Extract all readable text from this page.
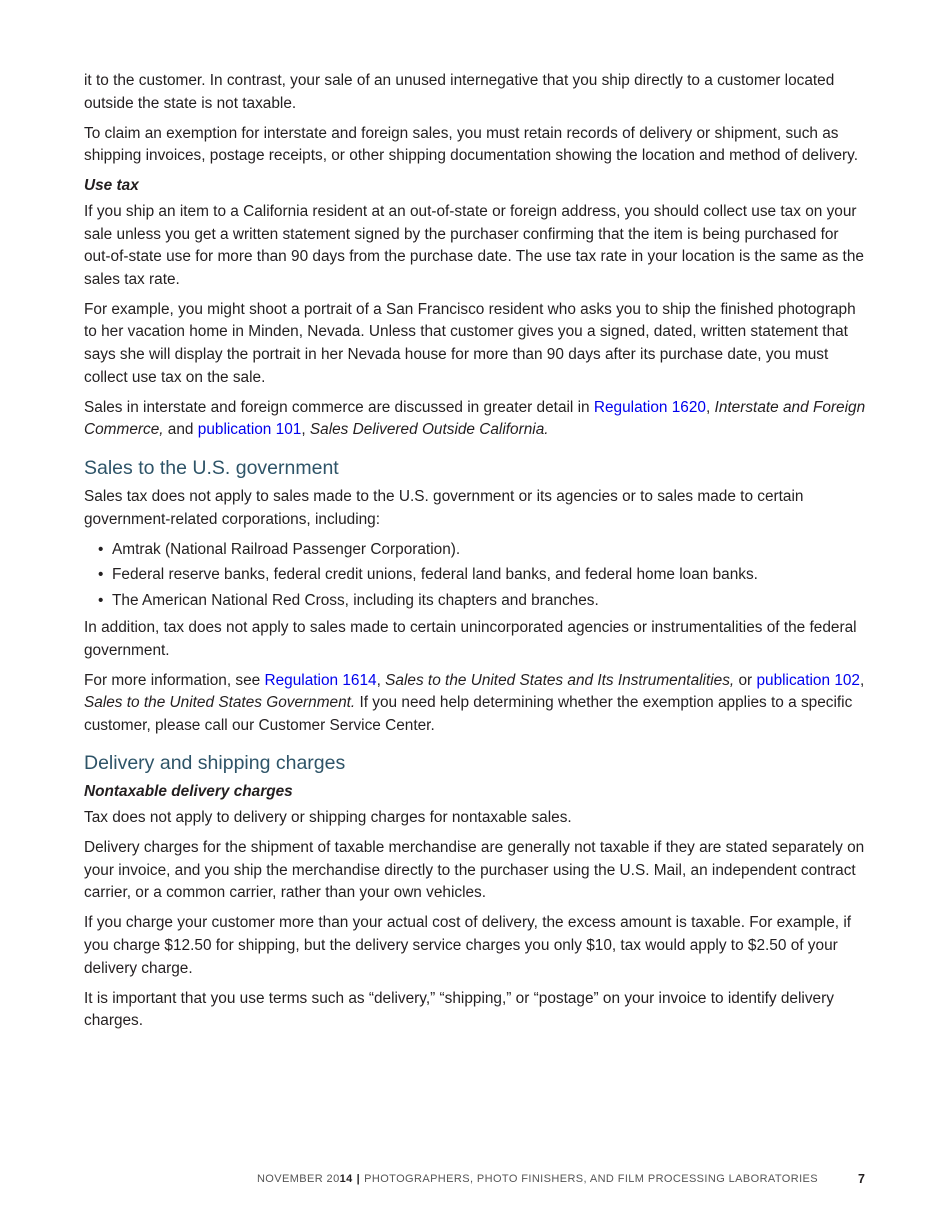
it to the customer. In contrast, your sale of an unused internegative that you ship directly to a customer located outside the state is not taxable.

To claim an exemption for interstate and foreign sales, you must retain records of delivery or shipment, such as shipping invoices, postage receipts, or other shipping documentation showing the location and method of delivery.

Use tax

If you ship an item to a California resident at an out-of-state or foreign address, you should collect use tax on your sale unless you get a written statement signed by the purchaser confirming that the item is being purchased for out-of-state use for more than 90 days from the purchase date. The use tax rate in your location is the same as the sales tax rate.

For example, you might shoot a portrait of a San Francisco resident who asks you to ship the finished photograph to her vacation home in Minden, Nevada. Unless that customer gives you a signed, dated, written statement that says she will display the portrait in her Nevada house for more than 90 days after its purchase date, you must collect use tax on the sale.

Sales in interstate and foreign commerce are discussed in greater detail in Regulation 1620, Interstate and Foreign Commerce, and publication 101, Sales Delivered Outside California.

Sales to the U.S. government

Sales tax does not apply to sales made to the U.S. government or its agencies or to sales made to certain government-related corporations, including:

• Amtrak (National Railroad Passenger Corporation).
• Federal reserve banks, federal credit unions, federal land banks, and federal home loan banks.
• The American National Red Cross, including its chapters and branches.

In addition, tax does not apply to sales made to certain unincorporated agencies or instrumentalities of the federal government.

For more information, see Regulation 1614, Sales to the United States and Its Instrumentalities, or publication 102, Sales to the United States Government. If you need help determining whether the exemption applies to a specific customer, please call our Customer Service Center.

Delivery and shipping charges
Nontaxable delivery charges

Tax does not apply to delivery or shipping charges for nontaxable sales.

Delivery charges for the shipment of taxable merchandise are generally not taxable if they are stated separately on your invoice, and you ship the merchandise directly to the purchaser using the U.S. Mail, an independent contract carrier, or a common carrier, rather than your own vehicles.

If you charge your customer more than your actual cost of delivery, the excess amount is taxable. For example, if you charge $12.50 for shipping, but the delivery service charges you only $10, tax would apply to $2.50 of your delivery charge.

It is important that you use terms such as “delivery,” “shipping,” or “postage” on your invoice to identify delivery charges.

NOVEMBER 2014 | PHOTOGRAPHERS, PHOTO FINISHERS, AND FILM PROCESSING LABORATORIES	7
